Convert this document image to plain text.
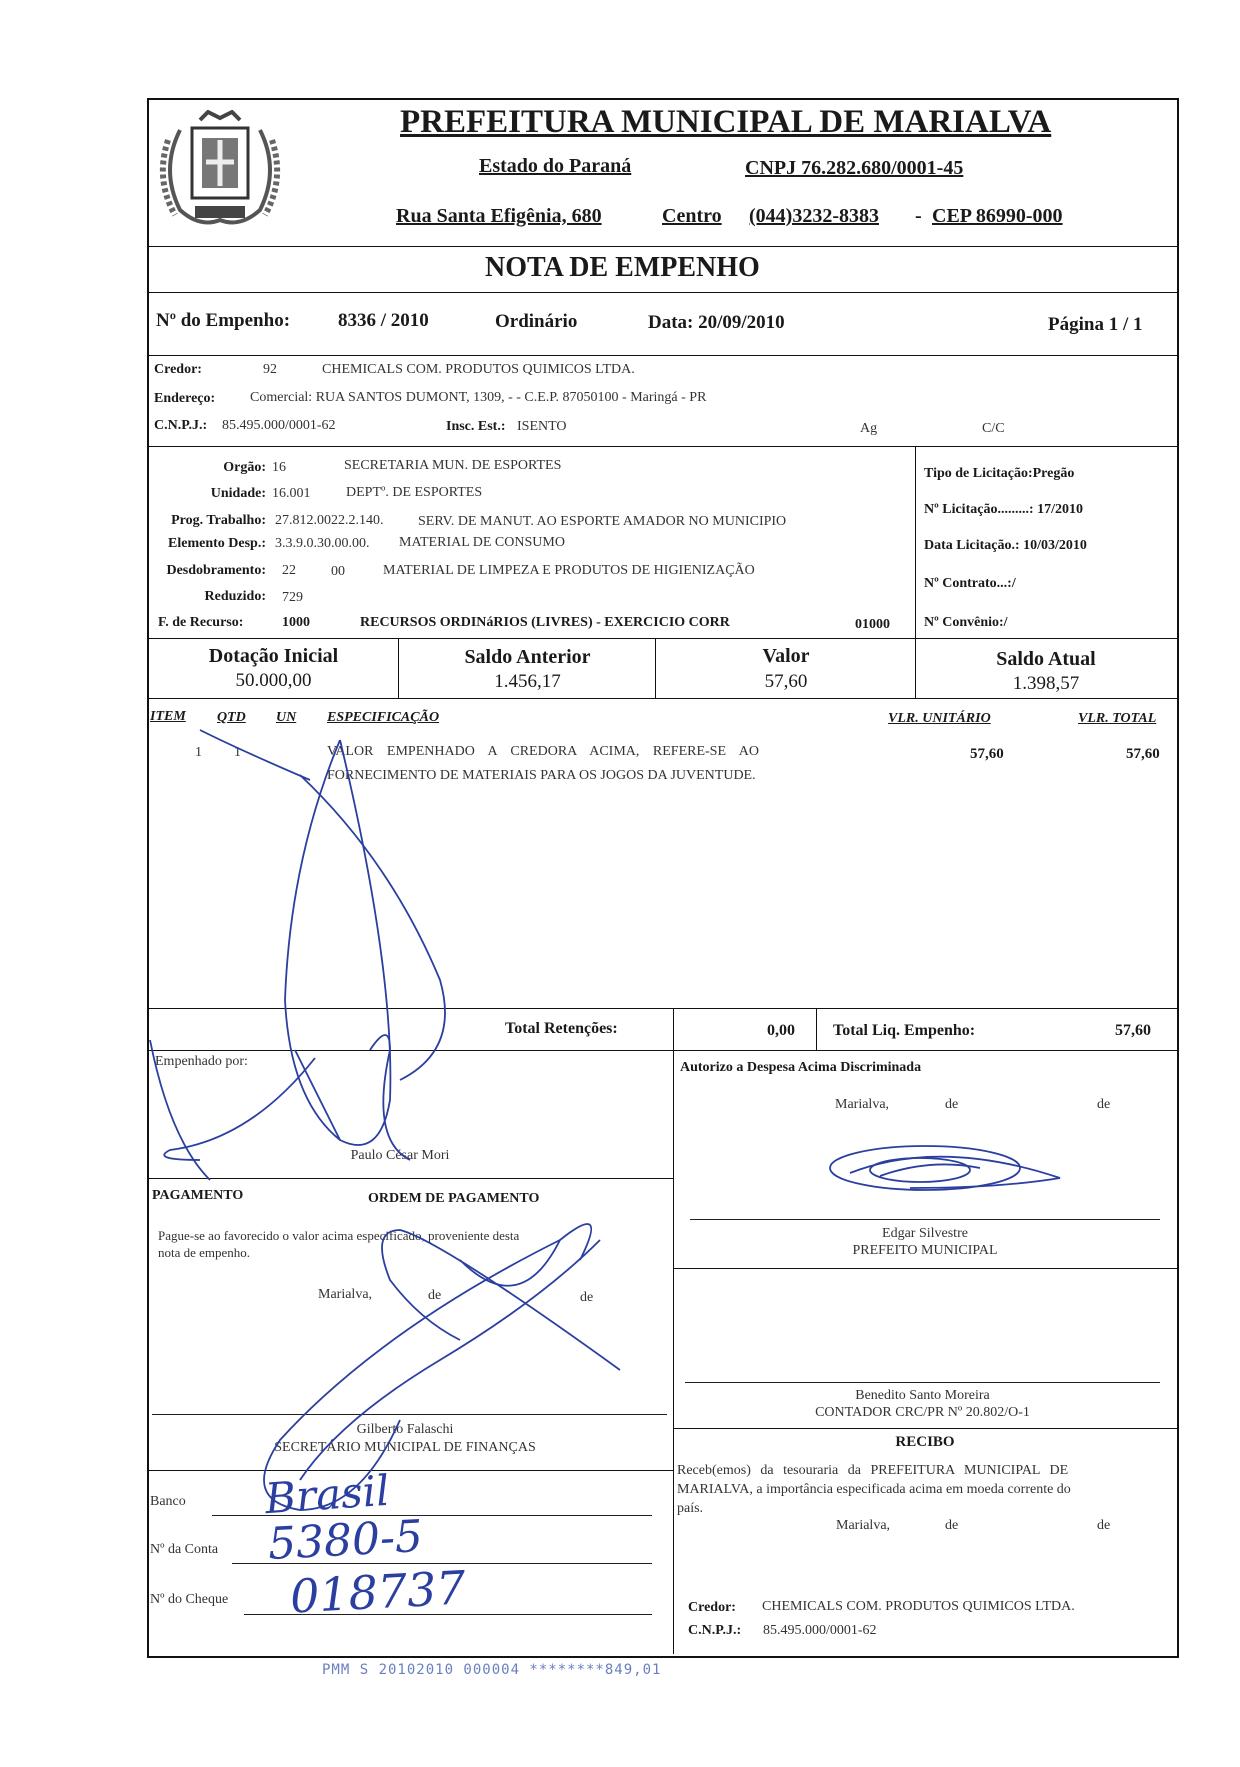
PREFEITURA MUNICIPAL DE MARIALVA
Estado do Paraná	CNPJ 76.282.680/0001-45
Rua Santa Efigênia, 680	Centro (044)3232-8383 - CEP 86990-000
NOTA DE EMPENHO
Nº do Empenho:	8336 / 2010	Ordinário	Data: 20/09/2010	Página 1 / 1
Credor:	92	CHEMICALS COM. PRODUTOS QUIMICOS LTDA.
Endereço: Comercial: RUA SANTOS DUMONT, 1309, - - C.E.P. 87050100 - Maringá - PR
C.N.P.J.: 85.495.000/0001-62	Insc. Est.: ISENTO	Ag	C/C
Orgão: 16	SECRETARIA MUN. DE ESPORTES
Unidade: 16.001	DEPTº. DE ESPORTES
Prog. Trabalho: 27.812.0022.2.140. SERV. DE MANUT. AO ESPORTE AMADOR NO MUNICIPIO
Elemento Desp.: 3.3.9.0.30.00.00. MATERIAL DE CONSUMO
Desdobramento: 22	00	MATERIAL DE LIMPEZA E PRODUTOS DE HIGIENIZAÇÃO
Reduzido: 729
F. de Recurso:	1000	RECURSOS ORDINáRIOS (LIVRES) - EXERCICIO CORR	01000
Tipo de Licitação:Pregão
Nº Licitação.........: 17/2010
Data Licitação.: 10/03/2010
Nº Contrato...:/
Nº Convênio:/
Dotação Inicial
50.000,00
Saldo Anterior
1.456,17
Valor
57,60
Saldo Atual
1.398,57
ITEM QTD UN ESPECIFICAÇÃO	VLR. UNITÁRIO	VLR. TOTAL
1 1	VALOR EMPENHADO A CREDORA ACIMA, REFERE-SE AO
FORNECIMENTO DE MATERIAIS PARA OS JOGOS DA JUVENTUDE.
57,60	57,60
Total Retenções:	0,00 Total Liq. Empenho:	57,60
Empenhado por:
Paulo César Mori
Autorizo a Despesa Acima Discriminada
Marialva,	de	de
Edgar Silvestre
PREFEITO MUNICIPAL
PAGAMENTO	ORDEM DE PAGAMENTO
Pague-se ao favorecido o valor acima especificado, proveniente desta
nota de empenho.
Marialva,	de	de
Gilberto Falaschi
SECRETÁRIO MUNICIPAL DE FINANÇAS
Benedito Santo Moreira
CONTADOR CRC/PR Nº 20.802/O-1
RECIBO
Receb(emos) da tesouraria da PREFEITURA MUNICIPAL DE
MARIALVA, a importância especificada acima em moeda corrente do
país.
Marialva,	de	de
Credor: CHEMICALS COM. PRODUTOS QUIMICOS LTDA.
C.N.P.J.: 85.495.000/0001-62
Banco
Nº da Conta
Nº do Cheque
Brasil
5380-5
018737
PMM S 20102010 000004 ********849,01
